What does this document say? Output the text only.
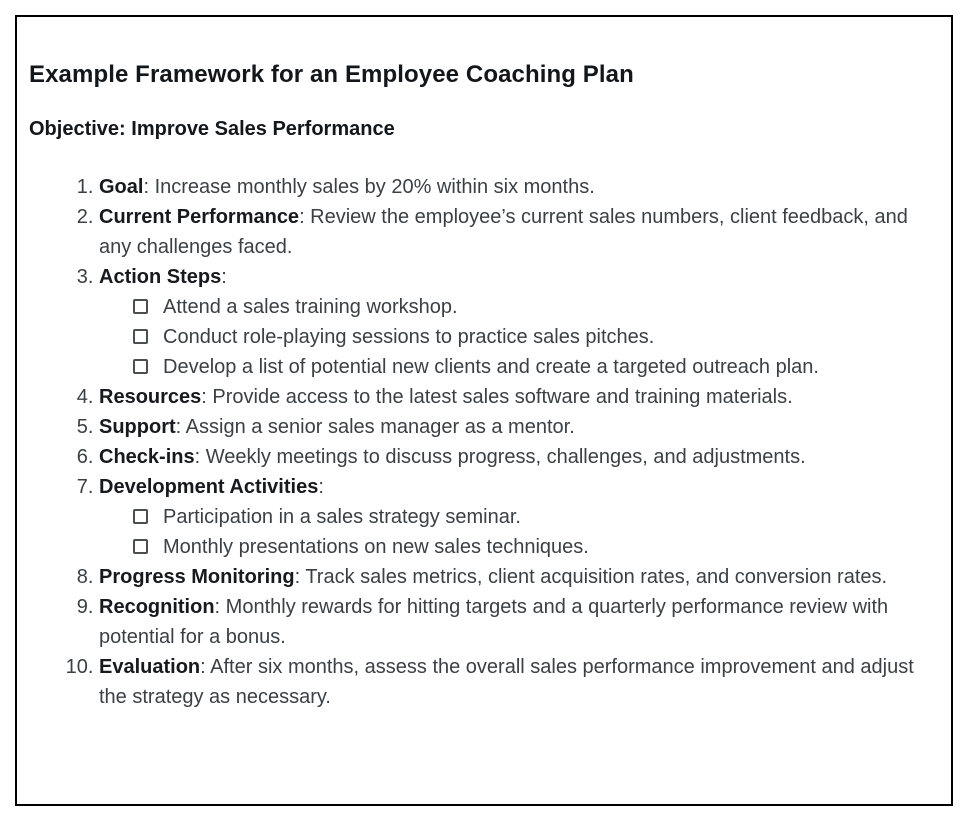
Example Framework for an Employee Coaching Plan

Objective: Improve Sales Performance

1. Goal: Increase monthly sales by 20% within six months.
2. Current Performance: Review the employee’s current sales numbers, client feedback, and any challenges faced.
3. Action Steps:
Attend a sales training workshop.
Conduct role-playing sessions to practice sales pitches.
Develop a list of potential new clients and create a targeted outreach plan.
4. Resources: Provide access to the latest sales software and training materials.
5. Support: Assign a senior sales manager as a mentor.
6. Check-ins: Weekly meetings to discuss progress, challenges, and adjustments.
7. Development Activities:
Participation in a sales strategy seminar.
Monthly presentations on new sales techniques.
8. Progress Monitoring: Track sales metrics, client acquisition rates, and conversion rates.
9. Recognition: Monthly rewards for hitting targets and a quarterly performance review with potential for a bonus.
10. Evaluation: After six months, assess the overall sales performance improvement and adjust the strategy as necessary.
